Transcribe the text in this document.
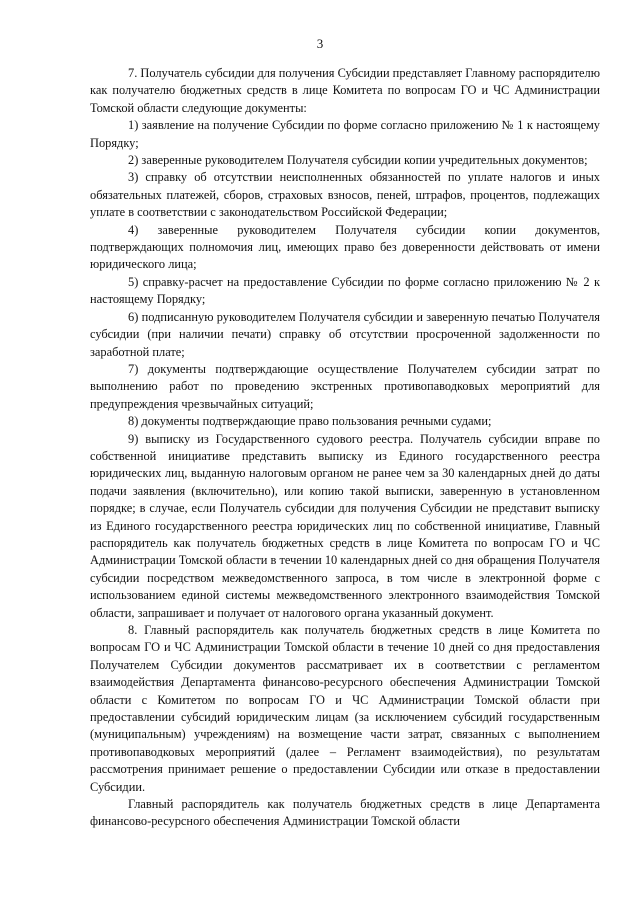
3

7. Получатель субсидии для получения Субсидии представляет Главному распорядителю как получателю бюджетных средств в лице Комитета по вопросам ГО и ЧС Администрации Томской области следующие документы:

1) заявление на получение Субсидии по форме согласно приложению № 1 к настоящему Порядку;

2) заверенные руководителем Получателя субсидии копии учредительных документов;

3) справку об отсутствии неисполненных обязанностей по уплате налогов и иных обязательных платежей, сборов, страховых взносов, пеней, штрафов, процентов, подлежащих уплате в соответствии с законодательством Российской Федерации;

4) заверенные руководителем Получателя субсидии копии документов, подтверждающих полномочия лиц, имеющих право без доверенности действовать от имени юридического лица;

5) справку-расчет на предоставление Субсидии по форме согласно приложению № 2 к настоящему Порядку;

6) подписанную руководителем Получателя субсидии и заверенную печатью Получателя субсидии (при наличии печати) справку об отсутствии просроченной задолженности по заработной плате;

7) документы подтверждающие осуществление Получателем субсидии затрат по выполнению работ по проведению экстренных противопаводковых мероприятий для предупреждения чрезвычайных ситуаций;

8) документы подтверждающие право пользования речными судами;

9) выписку из Государственного судового реестра. Получатель субсидии вправе по собственной инициативе представить выписку из Единого государственного реестра юридических лиц, выданную налоговым органом не ранее чем за 30 календарных дней до даты подачи заявления (включительно), или копию такой выписки, заверенную в установленном порядке; в случае, если Получатель субсидии для получения Субсидии не представит выписку из Единого государственного реестра юридических лиц по собственной инициативе, Главный распорядитель как получатель бюджетных средств в лице Комитета по вопросам ГО и ЧС Администрации Томской области в течении 10 календарных дней со дня обращения Получателя субсидии посредством межведомственного запроса, в том числе в электронной форме с использованием единой системы межведомственного электронного взаимодействия Томской области, запрашивает и получает от налогового органа указанный документ.

8. Главный распорядитель как получатель бюджетных средств в лице Комитета по вопросам ГО и ЧС Администрации Томской области в течение 10 дней со дня предоставления Получателем Субсидии документов рассматривает их в соответствии с регламентом взаимодействия Департамента финансово-ресурсного обеспечения Администрации Томской области с Комитетом по вопросам ГО и ЧС Администрации Томской области при предоставлении субсидий юридическим лицам (за исключением субсидий государственным (муниципальным) учреждениям) на возмещение части затрат, связанных с выполнением противопаводковых мероприятий (далее – Регламент взаимодействия), по результатам рассмотрения принимает решение о предоставлении Субсидии или отказе в предоставлении Субсидии.

Главный распорядитель как получатель бюджетных средств в лице Департамента финансово-ресурсного обеспечения Администрации Томской области
